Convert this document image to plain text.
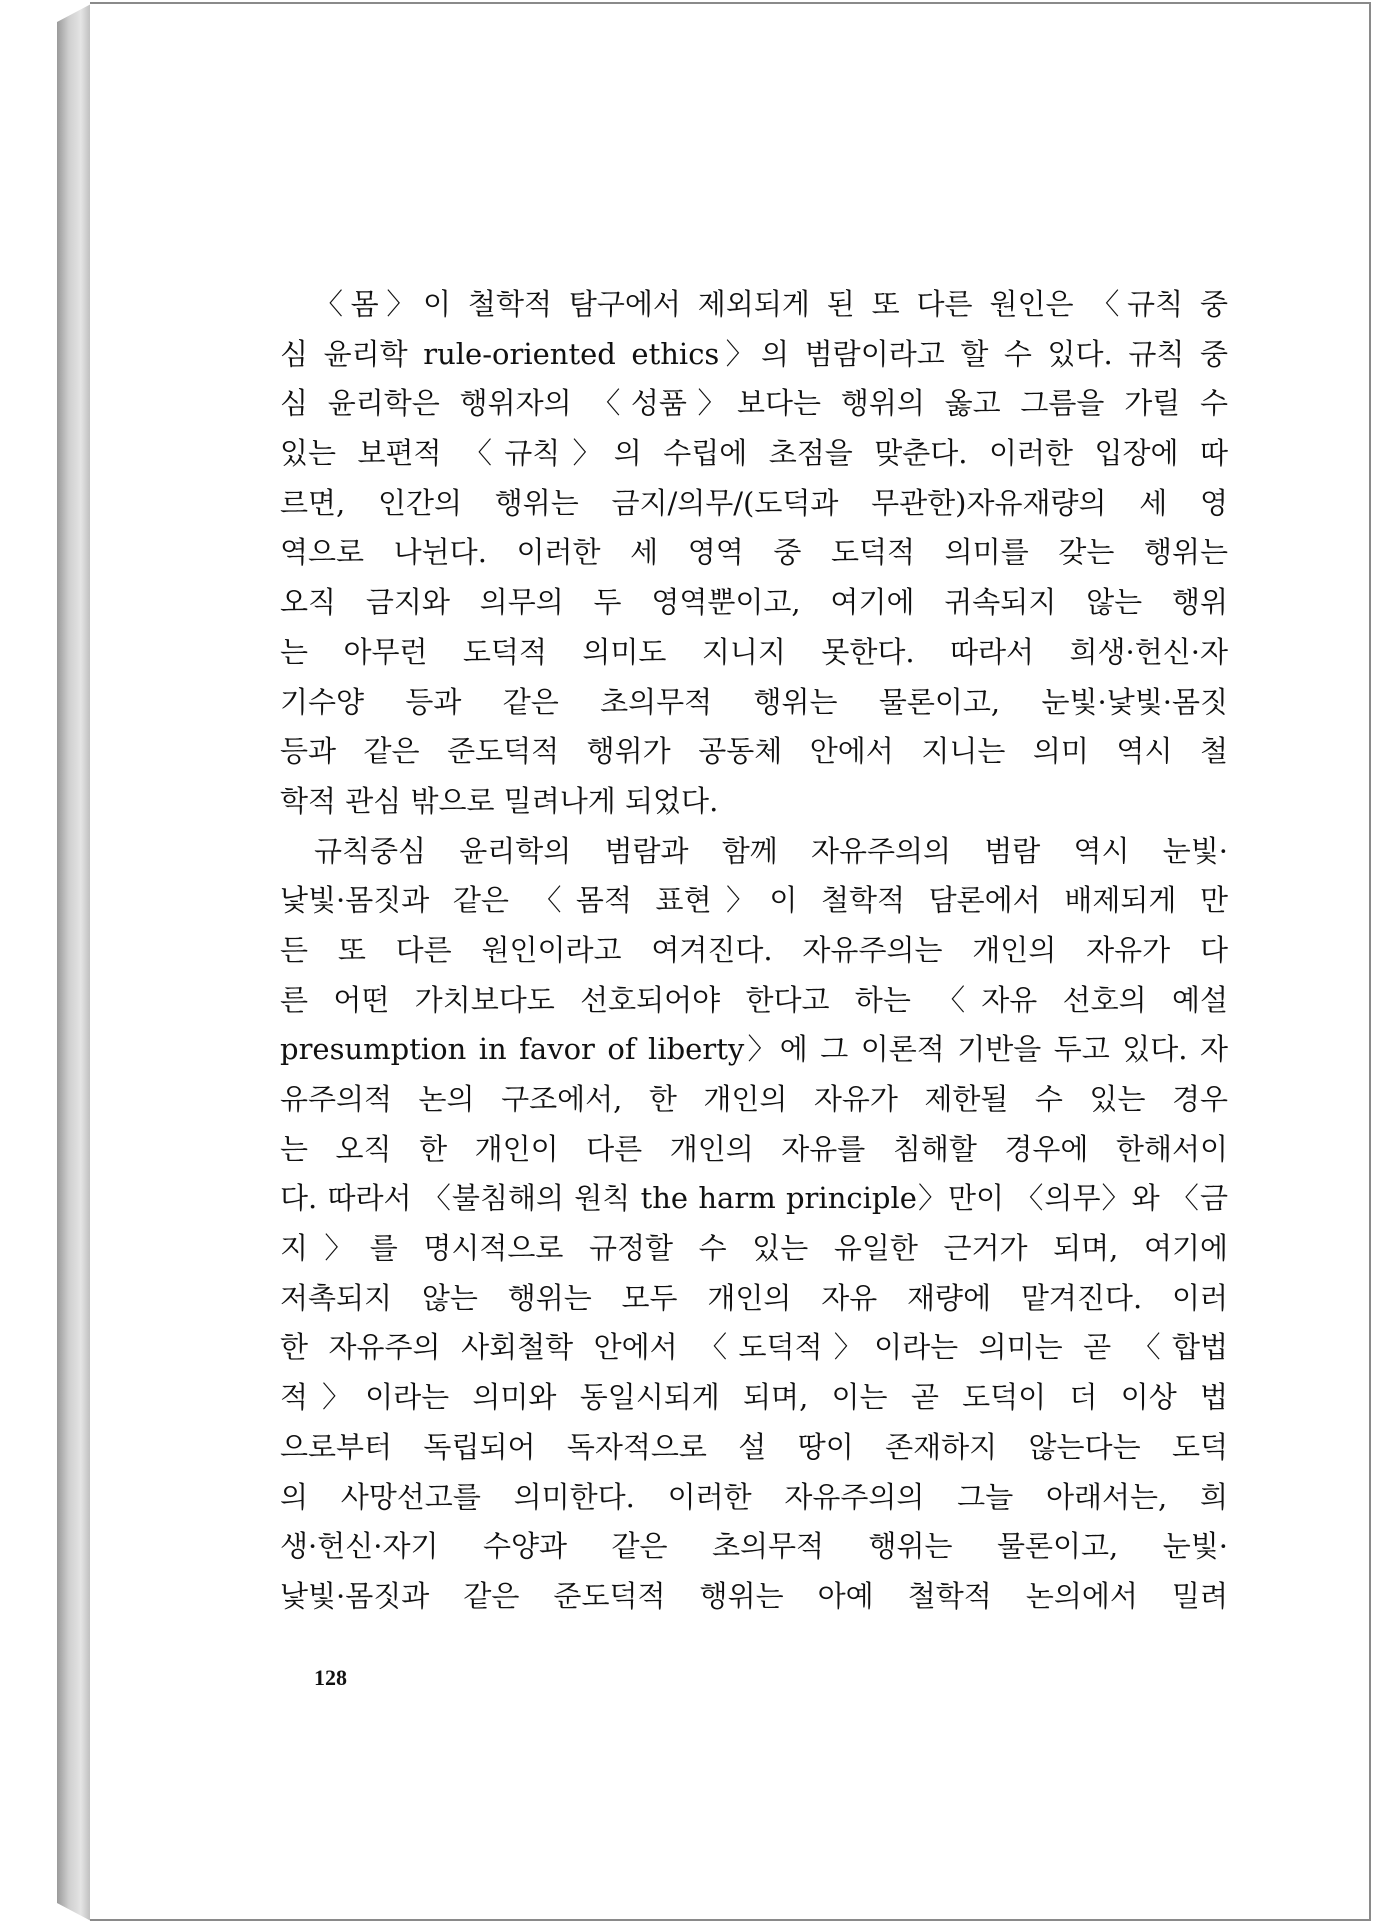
〈몸〉이 철학적 탐구에서 제외되게 된 또 다른 원인은 〈규칙 중
심 윤리학 rule-oriented ethics〉의 범람이라고 할 수 있다. 규칙 중
심 윤리학은 행위자의 〈성품〉보다는 행위의 옳고 그름을 가릴 수
있는 보편적 〈규칙〉의 수립에 초점을 맞춘다. 이러한 입장에 따
르면, 인간의 행위는 금지/의무/(도덕과 무관한)자유재량의 세 영
역으로 나뉜다. 이러한 세 영역 중 도덕적 의미를 갖는 행위는
오직 금지와 의무의 두 영역뿐이고, 여기에 귀속되지 않는 행위
는 아무런 도덕적 의미도 지니지 못한다. 따라서 희생·헌신·자
기수양 등과 같은 초의무적 행위는 물론이고, 눈빛·낯빛·몸짓
등과 같은 준도덕적 행위가 공동체 안에서 지니는 의미 역시 철
학적 관심 밖으로 밀려나게 되었다.
규칙중심 윤리학의 범람과 함께 자유주의의 범람 역시 눈빛·
낯빛·몸짓과 같은 〈몸적 표현〉이 철학적 담론에서 배제되게 만
든 또 다른 원인이라고 여겨진다. 자유주의는 개인의 자유가 다
른 어떤 가치보다도 선호되어야 한다고 하는 〈자유 선호의 예설
presumption in favor of liberty〉에 그 이론적 기반을 두고 있다. 자
유주의적 논의 구조에서, 한 개인의 자유가 제한될 수 있는 경우
는 오직 한 개인이 다른 개인의 자유를 침해할 경우에 한해서이
다. 따라서 〈불침해의 원칙 the harm principle〉만이 〈의무〉와 〈금
지〉를 명시적으로 규정할 수 있는 유일한 근거가 되며, 여기에
저촉되지 않는 행위는 모두 개인의 자유 재량에 맡겨진다. 이러
한 자유주의 사회철학 안에서 〈도덕적〉이라는 의미는 곧 〈합법
적〉이라는 의미와 동일시되게 되며, 이는 곧 도덕이 더 이상 법
으로부터 독립되어 독자적으로 설 땅이 존재하지 않는다는 도덕
의 사망선고를 의미한다. 이러한 자유주의의 그늘 아래서는, 희
생·헌신·자기 수양과 같은 초의무적 행위는 물론이고, 눈빛·
낯빛·몸짓과 같은 준도덕적 행위는 아예 철학적 논의에서 밀려
128
